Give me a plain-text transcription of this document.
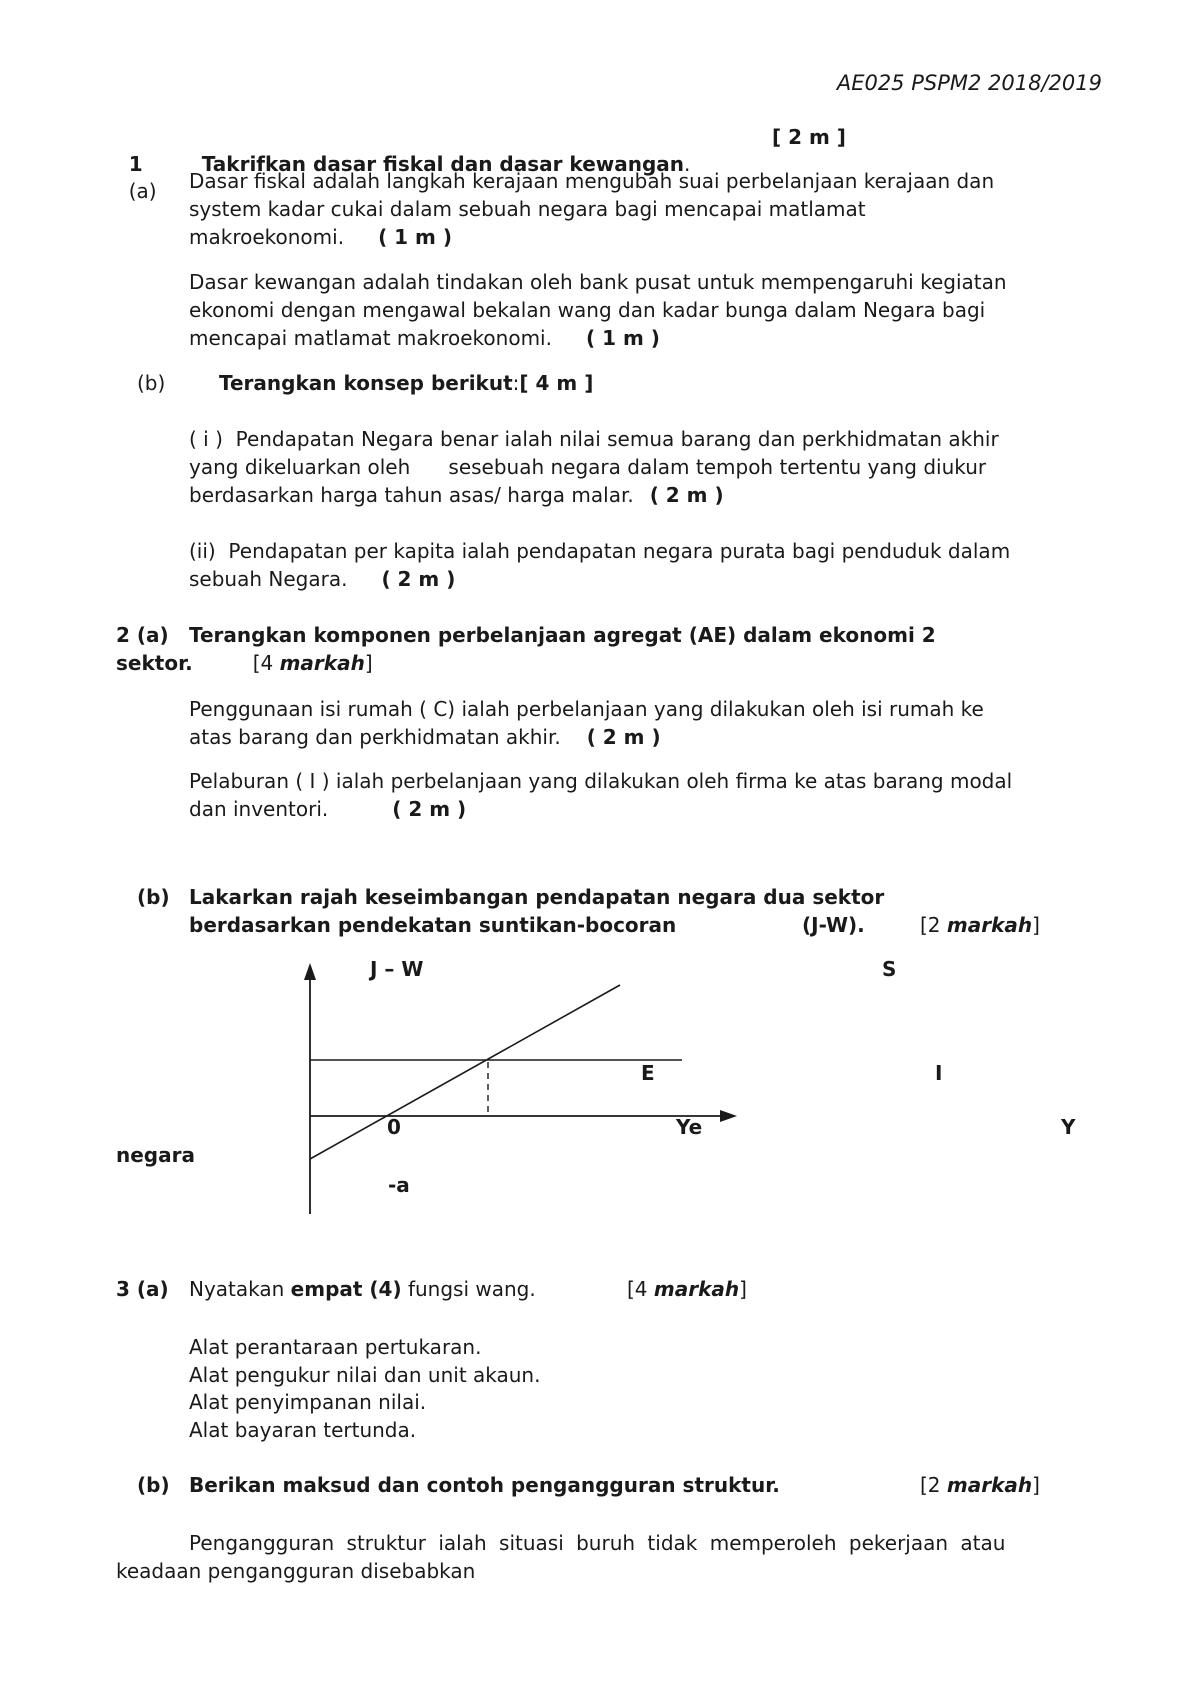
AE025 PSPM2 2018/2019

1
(a)

Takrifkan dasar fiskal dan dasar kewangan.

[ 2 m ]

Dasar fiskal adalah langkah kerajaan mengubah suai perbelanjaan kerajaan dan

system kadar cukai dalam sebuah negara bagi mencapai matlamat

makroekonomi. ( 1 m )

Dasar kewangan adalah tindakan oleh bank pusat untuk mempengaruhi kegiatan

ekonomi dengan mengawal bekalan wang dan kadar bunga dalam Negara bagi

mencapai matlamat makroekonomi. ( 1 m )

(b)	Terangkan konsep berikut:[ 4 m ]

( i )  Pendapatan Negara benar ialah nilai semua barang dan perkhidmatan akhir

yang dikeluarkan oleh      sesebuah negara dalam tempoh tertentu yang diukur

berdasarkan harga tahun asas/ harga malar. ( 2 m )

(ii)  Pendapatan per kapita ialah pendapatan negara purata bagi penduduk dalam

sebuah Negara. ( 2 m )

2 (a) Terangkan komponen perbelanjaan agregat (AE) dalam ekonomi 2

sektor.	[4 markah]

Penggunaan isi rumah ( C) ialah perbelanjaan yang dilakukan oleh isi rumah ke

atas barang dan perkhidmatan akhir. ( 2 m )

Pelaburan ( I ) ialah perbelanjaan yang dilakukan oleh firma ke atas barang modal

dan inventori.	( 2 m )

(b) Lakarkan rajah keseimbangan pendapatan negara dua sektor

berdasarkan pendekatan suntikan-bocoran	(J-W).	[2 markah]

J – W	S

E	I

0	Ye	Y

negara

-a

3 (a) Nyatakan empat (4) fungsi wang.	[4 markah]

Alat perantaraan pertukaran.

Alat pengukur nilai dan unit akaun.

Alat penyimpanan nilai.

Alat bayaran tertunda.

(b) Berikan maksud dan contoh pengangguran struktur.	[2 markah]

Pengangguran struktur ialah situasi buruh tidak memperoleh pekerjaan atau

keadaan pengangguran disebabkan
